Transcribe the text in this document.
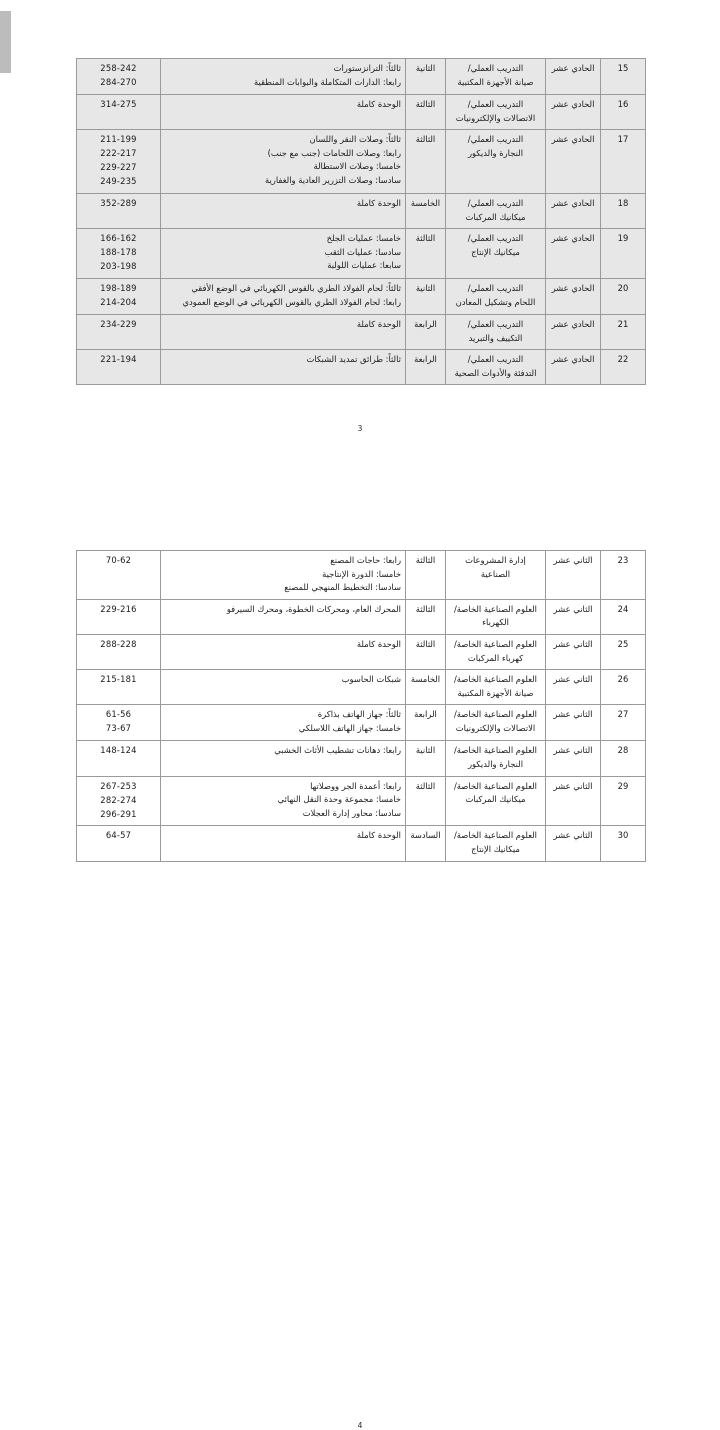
15	الحادي عشر	التدريب العملي/
صيانة الأجهزة المكتبية	الثانية	ثالثاً: الترانزستورات
رابعا: الدارات المتكاملة والبوابات المنطقية	258-242
284-270

16	الحادي عشر	التدريب العملي/
الاتصالات والإلكترونيات	الثالثة	الوحدة كاملة	314-275

17	الحادي عشر	التدريب العملي/
النجارة والديكور	الثالثة	ثالثاً: وصلات النقر واللسان
رابعا: وصلات اللحامات (جنب مع جنب)
خامسا: وصلات الاستطالة
سادسا: وصلات التزرير العادية والغفارية	211-199
222-217
229-227
249-235

18	الحادي عشر	التدريب العملي/
ميكانيك المركبات	الخامسة	الوحدة كاملة	352-289

19	الحادي عشر	التدريب العملي/
ميكانيك الإنتاج	الثالثة	خامسا: عمليات الجلخ
سادسا: عمليات الثقب
سابعا: عمليات اللولبة	166-162
188-178
203-198

20	الحادي عشر	التدريب العملي/
اللحام وتشكيل المعادن	الثانية	ثالثاً: لحام الفولاذ الطري بالقوس الكهربائي في الوضع الأفقي
رابعا: لحام الفولاذ الطري بالقوس الكهربائي في الوضع العمودي	198-189
214-204

21	الحادي عشر	التدريب العملي/
التكييف والتبريد	الرابعة	الوحدة كاملة	234-229

22	الحادي عشر	التدريب العملي/
التدفئة والأدوات الصحية	الرابعة	ثالثاً: طرائق تمديد الشبكات	221-194
3
23	الثاني عشر	إدارة المشروعات الصناعية	الثالثة	رابعا: حاجات المصنع
خامسا: الدورة الإنتاجية
سادسا: التخطيط المنهجي للمصنع	70-62

24	الثاني عشر	العلوم الصناعية الخاصة/
الكهرباء	الثالثة	المحرك العام، ومحركات الخطوة، ومحرك السيرفو	229-216

25	الثاني عشر	العلوم الصناعية الخاصة/
كهرباء المركبات	الثالثة	الوحدة كاملة	288-228

26	الثاني عشر	العلوم الصناعية الخاصة/
صيانة الأجهزة المكتبية	الخامسة	شبكات الحاسوب	215-181

27	الثاني عشر	العلوم الصناعية الخاصة/
الاتصالات والإلكترونيات	الرابعة	ثالثاً: جهاز الهاتف بذاكرة
خامسا: جهاز الهاتف اللاسلكي	61-56
73-67

28	الثاني عشر	العلوم الصناعية الخاصة/
النجارة والديكور	الثانية	رابعا: دهانات تشطيب الأثاث الخشبي	148-124

29	الثاني عشر	العلوم الصناعية الخاصة/
ميكانيك المركبات	الثالثة	رابعا: أعمدة الجر ووصلاتها
خامسا: مجموعة وحدة النقل النهائي
سادسا: محاور إدارة العجلات	267-253
282-274
296-291

30	الثاني عشر	العلوم الصناعية الخاصة/
ميكانيك الإنتاج	السادسة	الوحدة كاملة	64-57
4
